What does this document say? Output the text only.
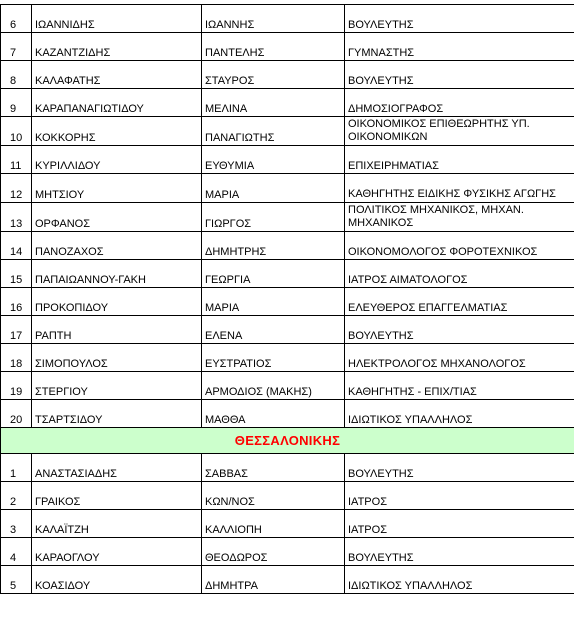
6	ΙΩΑΝΝΙΔΗΣ	ΙΩΑΝΝΗΣ	ΒΟΥΛΕΥΤΗΣ
7	ΚΑΖΑΝΤΖΙΔΗΣ	ΠΑΝΤΕΛΗΣ	ΓΥΜΝΑΣΤΗΣ
8	ΚΑΛΑΦΑΤΗΣ	ΣΤΑΥΡΟΣ	ΒΟΥΛΕΥΤΗΣ
9	ΚΑΡΑΠΑΝΑΓΙΩΤΙΔΟΥ	ΜΕΛΙΝΑ	ΔΗΜΟΣΙΟΓΡΑΦΟΣ
10	ΚΟΚΚΟΡΗΣ	ΠΑΝΑΓΙΩΤΗΣ	ΟΙΚΟΝΟΜΙΚΟΣ ΕΠΙΘΕΩΡΗΤΗΣ ΥΠ. ΟΙΚΟΝΟΜΙΚΩΝ
11	ΚΥΡΙΛΛΙΔΟΥ	ΕΥΘΥΜΙΑ	ΕΠΙΧΕΙΡΗΜΑΤΙΑΣ
12	ΜΗΤΣΙΟΥ	ΜΑΡΙΑ	ΚΑΘΗΓΗΤΗΣ ΕΙΔΙΚΗΣ ΦΥΣΙΚΗΣ ΑΓΩΓΗΣ
13	ΟΡΦΑΝΟΣ	ΓΙΩΡΓΟΣ	ΠΟΛΙΤΙΚΟΣ ΜΗΧΑΝΙΚΟΣ, ΜΗΧΑΝ. ΜΗΧΑΝΙΚΟΣ
14	ΠΑΝΟΖΑΧΟΣ	ΔΗΜΗΤΡΗΣ	ΟΙΚΟΝΟΜΟΛΟΓΟΣ ΦΟΡΟΤΕΧΝΙΚΟΣ
15	ΠΑΠΑΙΩΑΝΝΟΥ-ΓΑΚΗ	ΓΕΩΡΓΙΑ	ΙΑΤΡΟΣ ΑΙΜΑΤΟΛΟΓΟΣ
16	ΠΡΟΚΟΠΙΔΟΥ	ΜΑΡΙΑ	ΕΛΕΥΘΕΡΟΣ ΕΠΑΓΓΕΛΜΑΤΙΑΣ
17	ΡΑΠΤΗ	ΕΛΕΝΑ	ΒΟΥΛΕΥΤΗΣ
18	ΣΙΜΟΠΟΥΛΟΣ	ΕΥΣΤΡΑΤΙΟΣ	ΗΛΕΚΤΡΟΛΟΓΟΣ ΜΗΧΑΝΟΛΟΓΟΣ
19	ΣΤΕΡΓΙΟΥ	ΑΡΜΟΔΙΟΣ (ΜΑΚΗΣ)	ΚΑΘΗΓΗΤΗΣ - ΕΠΙΧ/ΤΙΑΣ
20	ΤΣΑΡΤΣΙΔΟΥ	ΜΑΘΘΑ	ΙΔΙΩΤΙΚΟΣ ΥΠΑΛΛΗΛΟΣ
ΘΕΣΣΑΛΟΝΙΚΗΣ			
1	ΑΝΑΣΤΑΣΙΑΔΗΣ	ΣΑΒΒΑΣ	ΒΟΥΛΕΥΤΗΣ
2	ΓΡΑΙΚΟΣ	ΚΩΝ/ΝΟΣ	ΙΑΤΡΟΣ
3	ΚΑΛΑΪΤΖΗ	ΚΑΛΛΙΟΠΗ	ΙΑΤΡΟΣ
4	ΚΑΡΑΟΓΛΟΥ	ΘΕΟΔΩΡΟΣ	ΒΟΥΛΕΥΤΗΣ
5	ΚΟΑΣΙΔΟΥ	ΔΗΜΗΤΡΑ	ΙΔΙΩΤΙΚΟΣ ΥΠΑΛΛΗΛΟΣ
